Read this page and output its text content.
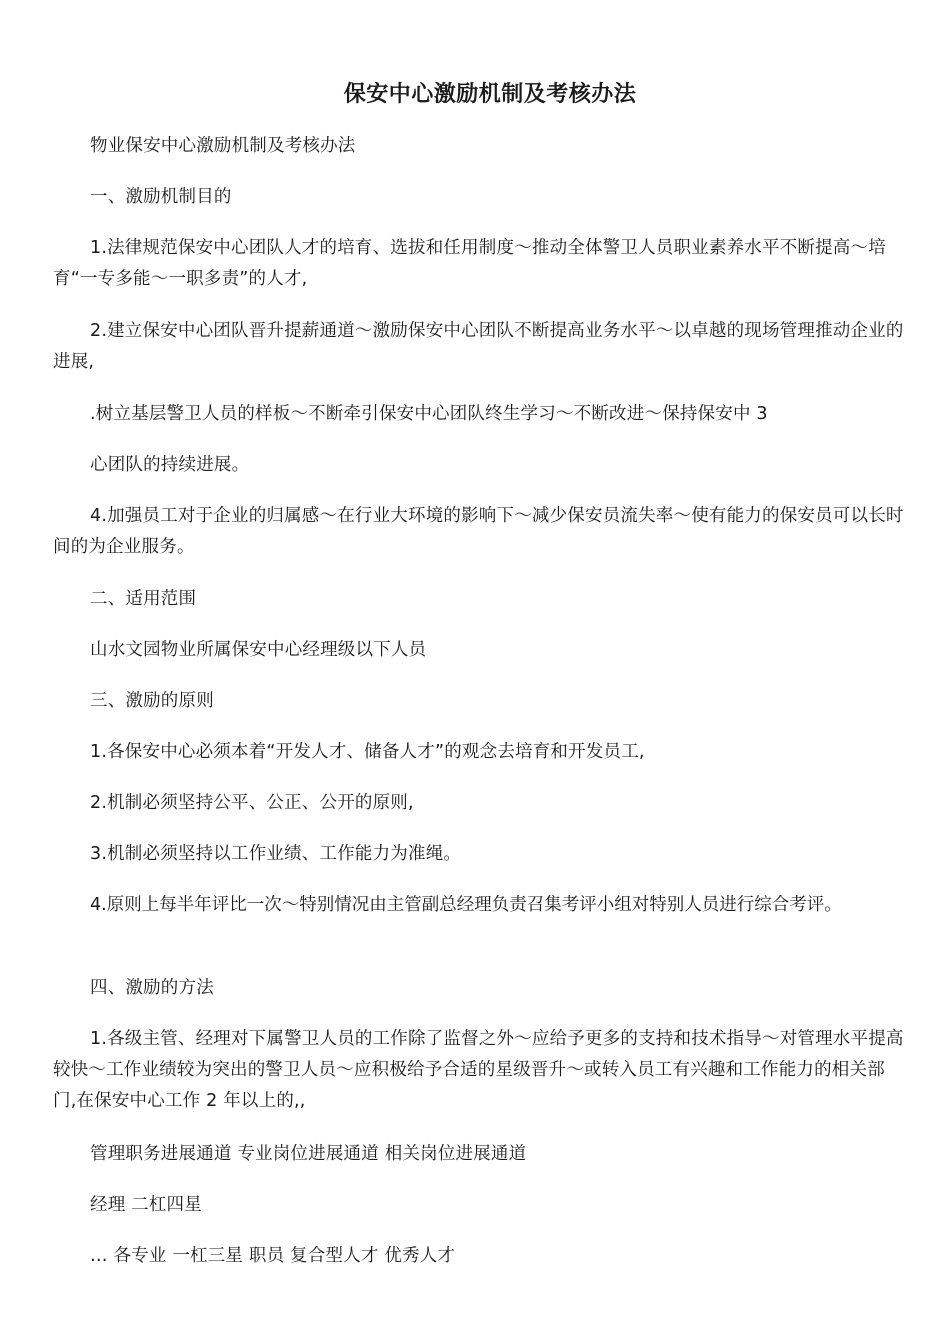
保安中心激励机制及考核办法
物业保安中心激励机制及考核办法
一、激励机制目的
1.法律规范保安中心团队人才的培育、选拔和任用制度～推动全体警卫人员职业素养水平不断提高～培育“一专多能～一职多责”的人才,
2.建立保安中心团队晋升提薪通道～激励保安中心团队不断提高业务水平～以卓越的现场管理推动企业的进展,
.树立基层警卫人员的样板～不断牵引保安中心团队终生学习～不断改进～保持保安中 3
心团队的持续进展。
4.加强员工对于企业的归属感～在行业大环境的影响下～减少保安员流失率～使有能力的保安员可以长时间的为企业服务。
二、适用范围
山水文园物业所属保安中心经理级以下人员
三、激励的原则
1.各保安中心必须本着“开发人才、储备人才”的观念去培育和开发员工,
2.机制必须坚持公平、公正、公开的原则,
3.机制必须坚持以工作业绩、工作能力为准绳。
4.原则上每半年评比一次～特别情况由主管副总经理负责召集考评小组对特别人员进行综合考评。
四、激励的方法
1.各级主管、经理对下属警卫人员的工作除了监督之外～应给予更多的支持和技术指导～对管理水平提高较快～工作业绩较为突出的警卫人员～应积极给予合适的星级晋升～或转入员工有兴趣和工作能力的相关部门,在保安中心工作 2 年以上的,,
管理职务进展通道 专业岗位进展通道 相关岗位进展通道
经理 二杠四星
… 各专业 一杠三星 职员 复合型人才 优秀人才
